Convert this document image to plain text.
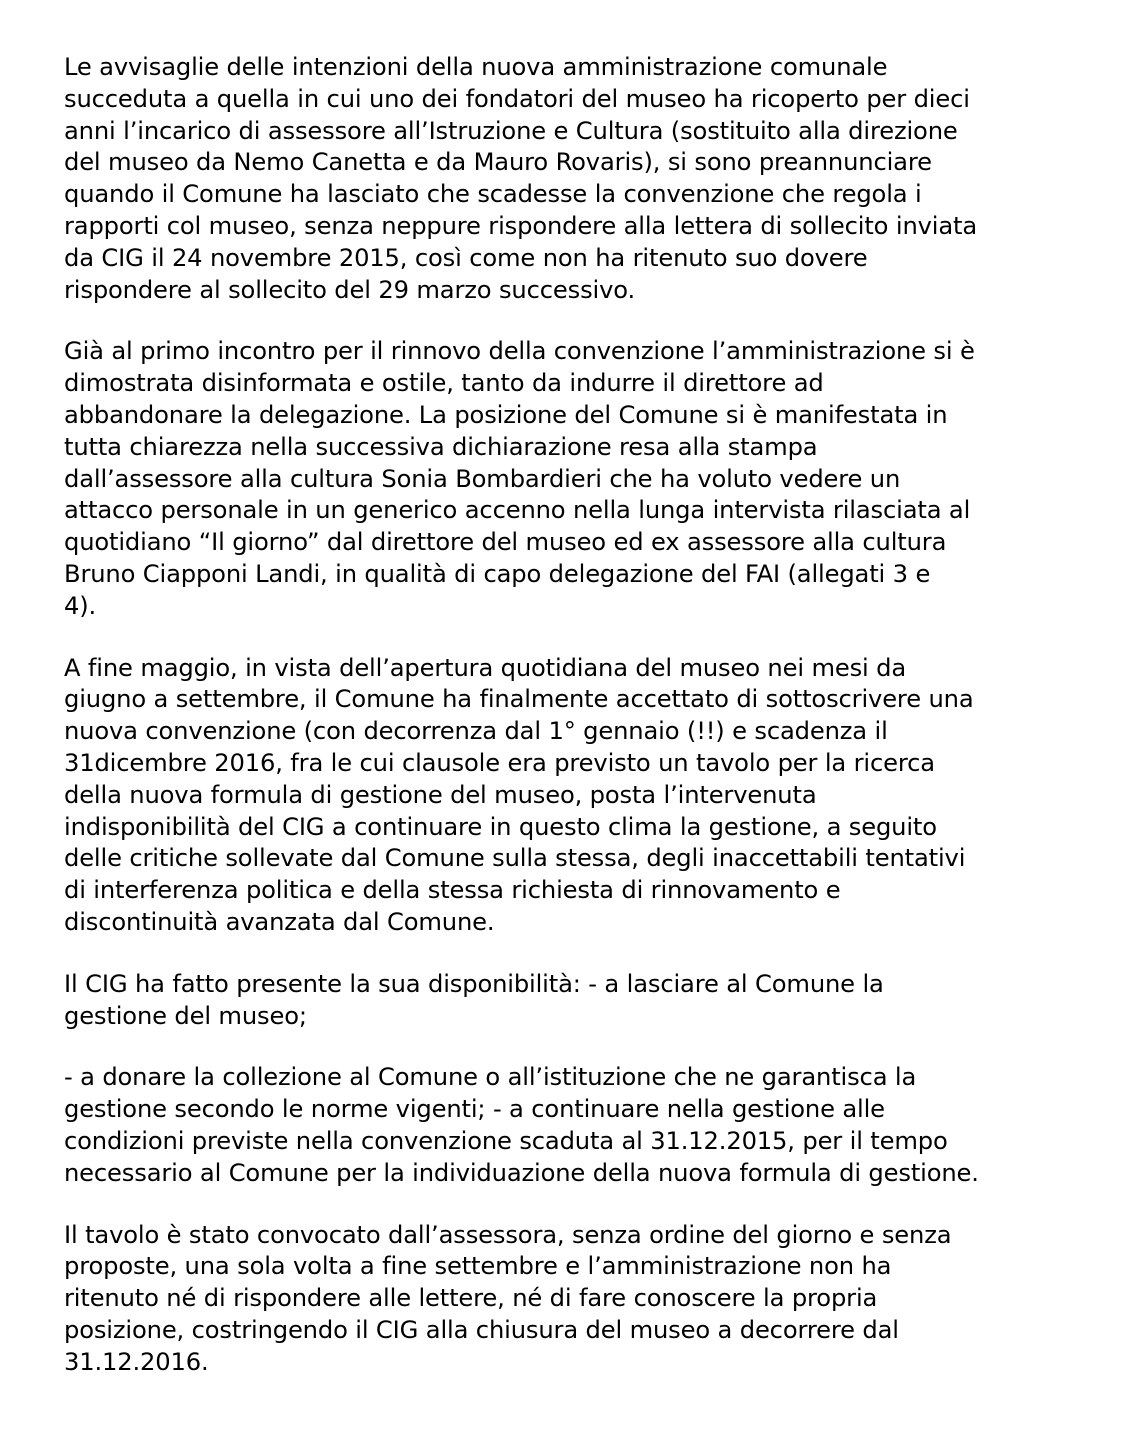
Le avvisaglie delle intenzioni della nuova amministrazione comunale
succeduta a quella in cui uno dei fondatori del museo ha ricoperto per dieci
anni l’incarico di assessore all’Istruzione e Cultura (sostituito alla direzione
del museo da Nemo Canetta e da Mauro Rovaris), si sono preannunciare
quando il Comune ha lasciato che scadesse la convenzione che regola i
rapporti col museo, senza neppure rispondere alla lettera di sollecito inviata
da CIG il 24 novembre 2015, così come non ha ritenuto suo dovere
rispondere al sollecito del 29 marzo successivo.

Già al primo incontro per il rinnovo della convenzione l’amministrazione si è
dimostrata disinformata e ostile, tanto da indurre il direttore ad
abbandonare la delegazione. La posizione del Comune si è manifestata in
tutta chiarezza nella successiva dichiarazione resa alla stampa
dall’assessore alla cultura Sonia Bombardieri che ha voluto vedere un
attacco personale in un generico accenno nella lunga intervista rilasciata al
quotidiano “Il giorno” dal direttore del museo ed ex assessore alla cultura
Bruno Ciapponi Landi, in qualità di capo delegazione del FAI (allegati 3 e
4).

A fine maggio, in vista dell’apertura quotidiana del museo nei mesi da
giugno a settembre, il Comune ha finalmente accettato di sottoscrivere una
nuova convenzione (con decorrenza dal 1° gennaio (!!) e scadenza il
31dicembre 2016, fra le cui clausole era previsto un tavolo per la ricerca
della nuova formula di gestione del museo, posta l’intervenuta
indisponibilità del CIG a continuare in questo clima la gestione, a seguito
delle critiche sollevate dal Comune sulla stessa, degli inaccettabili tentativi
di interferenza politica e della stessa richiesta di rinnovamento e
discontinuità avanzata dal Comune.

Il CIG ha fatto presente la sua disponibilità: - a lasciare al Comune la
gestione del museo;

- a donare la collezione al Comune o all’istituzione che ne garantisca la
gestione secondo le norme vigenti; - a continuare nella gestione alle
condizioni previste nella convenzione scaduta al 31.12.2015, per il tempo
necessario al Comune per la individuazione della nuova formula di gestione.

Il tavolo è stato convocato dall’assessora, senza ordine del giorno e senza
proposte, una sola volta a fine settembre e l’amministrazione non ha
ritenuto né di rispondere alle lettere, né di fare conoscere la propria
posizione, costringendo il CIG alla chiusura del museo a decorrere dal
31.12.2016.
